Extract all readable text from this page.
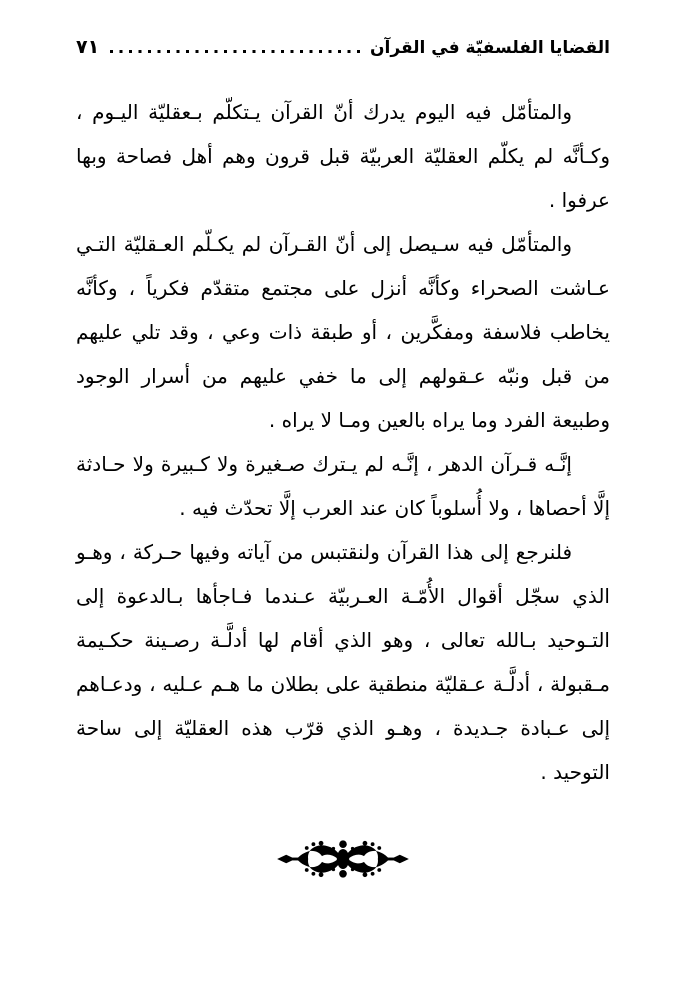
القضايا الفلسفيّة في القرآن
٧١

والمتأمّل فيه اليوم يدرك أنّ القرآن يـتكلّم بـعقليّة اليـوم ، وكـأنَّه لم يكلّم العقليّة العربيّة قبل قرون وهم أهل فصاحة وبها عرفوا .

والمتأمّل فيه سـيصل إلى أنّ القـرآن لم يكـلّم العـقليّة التـي عـاشت الصحراء وكأنَّه أنزل على مجتمع متقدّم فكرياً ، وكأنَّه يخاطب فلاسفة ومفكَّرين ، أو طبقة ذات وعي ، وقد تلي عليهم من قبل ونبّه عـقولهم إلى ما خفي عليهم من أسرار الوجود وطبيعة الفرد وما يراه بالعين ومـا لا يراه .

إنَّـه قـرآن الدهر ، إنَّـه لم يـترك صـغيرة ولا كـبيرة ولا حـادثة إلَّا أحصاها ، ولا أُسلوباً كان عند العرب إلَّا تحدّث فيه .

فلنرجع إلى هذا القرآن ولنقتبس من آياته وفيها حـركة ، وهـو الذي سجّل أقوال الأُمّـة العـربيّة عـندما فـاجأها بـالدعوة إلى التـوحيد بـالله تعالى ، وهو الذي أقام لها أدلَّـة رصـينة حكـيمة مـقبولة ، أدلَّـة عـقليّة منطقية على بطلان ما هـم عـليه ، ودعـاهم إلى عـبادة جـديدة ، وهـو الذي قرّب هذه العقليّة إلى ساحة التوحيد .
